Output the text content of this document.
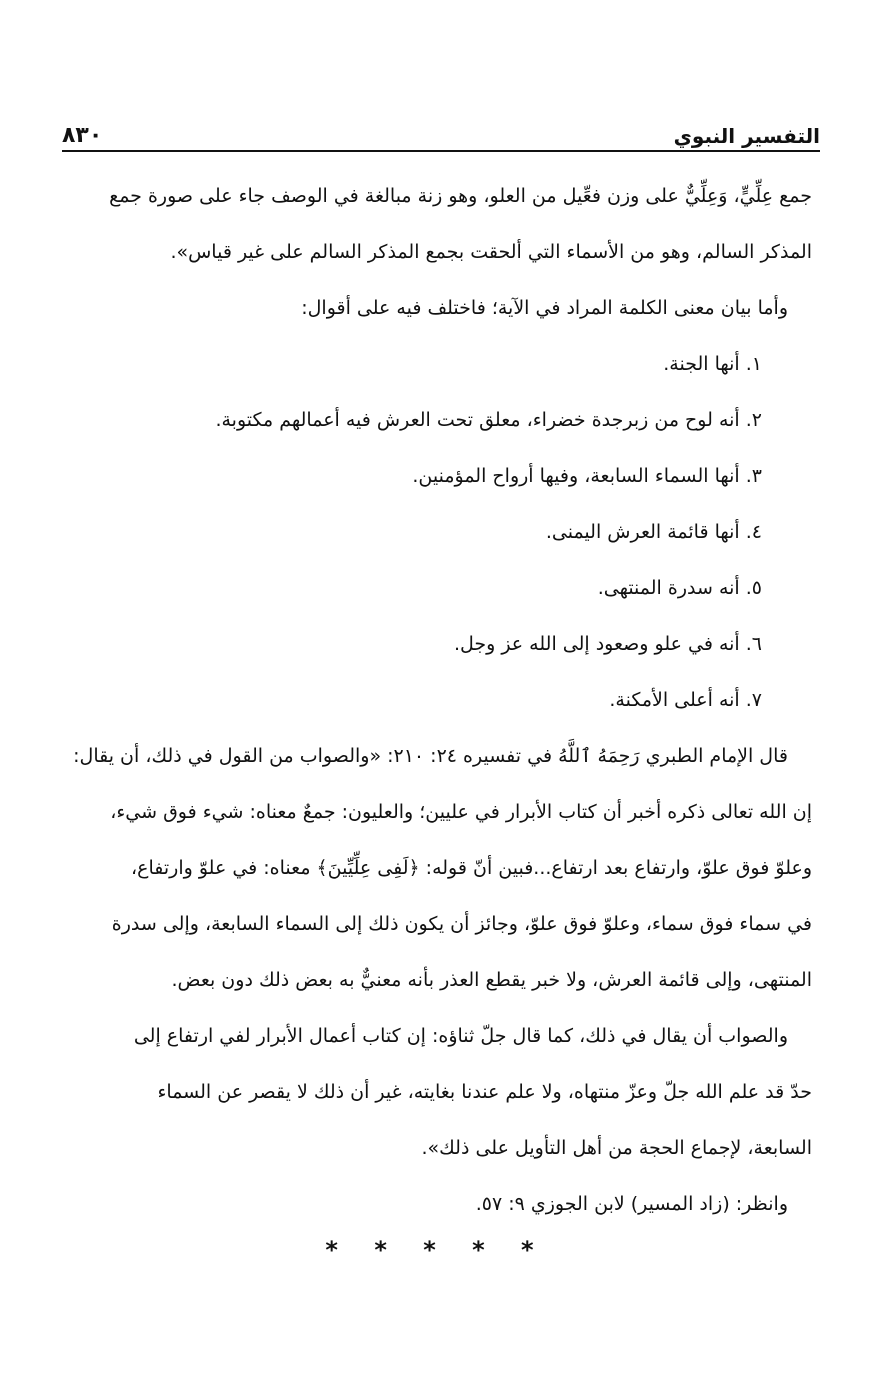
التفسير النبوي
٨٣٠
جمع عِلِّيٍّ، وَعِلِّيٌّ على وزن فعِّيل من العلو، وهو زنة مبالغة في الوصف جاء على صورة جمع
المذكر السالم، وهو من الأسماء التي ألحقت بجمع المذكر السالم على غير قياس».
وأما بيان معنى الكلمة المراد في الآية؛ فاختلف فيه على أقوال:
١. أنها الجنة.
٢. أنه لوح من زبرجدة خضراء، معلق تحت العرش فيه أعمالهم مكتوبة.
٣. أنها السماء السابعة، وفيها أرواح المؤمنين.
٤. أنها قائمة العرش اليمنى.
٥. أنه سدرة المنتهى.
٦. أنه في علو وصعود إلى الله عز وجل.
٧. أنه أعلى الأمكنة.
قال الإمام الطبري رَحِمَهُ ٱللَّهُ في تفسيره ٢٤: ٢١٠: «والصواب من القول في ذلك، أن يقال:
إن الله تعالى ذكره أخبر أن كتاب الأبرار في عليين؛ والعليون: جمعٌ معناه: شيء فوق شيء،
وعلوّ فوق علوّ، وارتفاع بعد ارتفاع...فبين أنّ قوله: ﴿لَفِى عِلِّيِّينَ﴾ معناه: في علوّ وارتفاع،
في سماء فوق سماء، وعلوّ فوق علوّ، وجائز أن يكون ذلك إلى السماء السابعة، وإلى سدرة
المنتهى، وإلى قائمة العرش، ولا خبر يقطع العذر بأنه معنيٌّ به بعض ذلك دون بعض.
والصواب أن يقال في ذلك، كما قال جلّ ثناؤه: إن كتاب أعمال الأبرار لفي ارتفاع إلى
حدّ قد علم الله جلّ وعزّ منتهاه، ولا علم عندنا بغايته، غير أن ذلك لا يقصر عن السماء
السابعة، لإجماع الحجة من أهل التأويل على ذلك».
وانظر: (زاد المسير) لابن الجوزي ٩: ٥٧.
* * * * *
